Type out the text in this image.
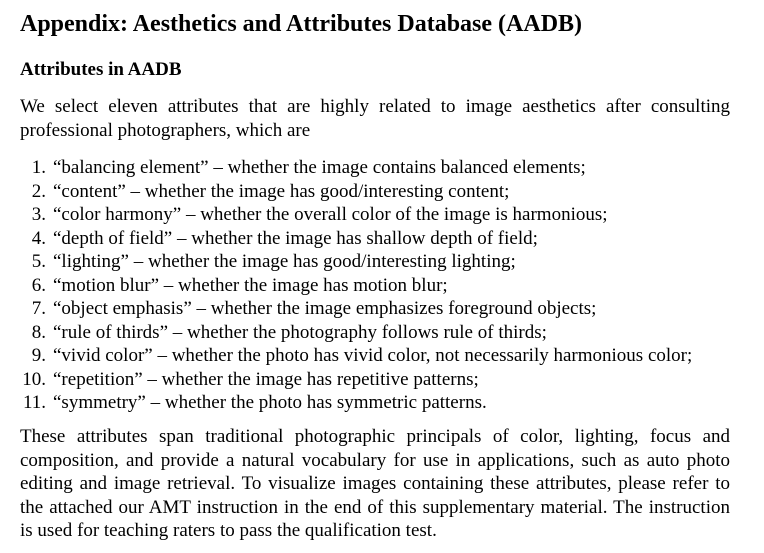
Appendix: Aesthetics and Attributes Database (AADB)
Attributes in AADB

We select eleven attributes that are highly related to image aesthetics after consulting professional photographers, which are

1. “balancing element” – whether the image contains balanced elements;
2. “content” – whether the image has good/interesting content;
3. “color harmony” – whether the overall color of the image is harmonious;
4. “depth of field” – whether the image has shallow depth of field;
5. “lighting” – whether the image has good/interesting lighting;
6. “motion blur” – whether the image has motion blur;
7. “object emphasis” – whether the image emphasizes foreground objects;
8. “rule of thirds” – whether the photography follows rule of thirds;
9. “vivid color” – whether the photo has vivid color, not necessarily harmonious color;
10. “repetition” – whether the image has repetitive patterns;
11. “symmetry” – whether the photo has symmetric patterns.

These attributes span traditional photographic principals of color, lighting, focus and composition, and provide a natural vocabulary for use in applications, such as auto photo editing and image retrieval. To visualize images containing these attributes, please refer to the attached our AMT instruction in the end of this supplementary material. The instruction is used for teaching raters to pass the qualification test.
